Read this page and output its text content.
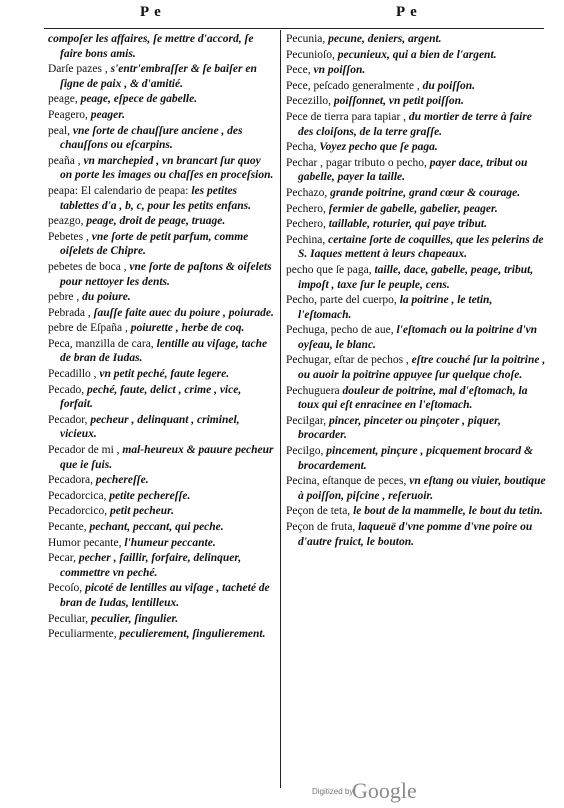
P e	P e
compoſer les affaires, ſe mettre d'accord, ſe faire bons amis.
Darſe pazes , s'entr'embraſſer & ſe baiſer en ſigne de paix , & d'amitié.
peage, peage, eſpece de gabelle.
Peagero, peager.
peal, vne ſorte de chauſſure anciene , des chauſſons ou eſcarpins.
peaña , vn marchepied , vn brancart ſur quoy on porte les images ou chaſſes en proceſsion.
peapa: El calendario de peapa: les petites tablettes d'a , b, c, pour les petits enfans.
peazgo, peage, droit de peage, truage.
Pebetes , vne ſorte de petit parfum, comme oiſelets de Chipre.
pebetes de boca , vne ſorte de paſtons & oiſelets pour nettoyer les dents.
pebre , du poiure.
Pebrada , ſauſſe faite auec du poiure , poiurade.
pebre de Eſpaña , poiurette , herbe de coq.
Peca, manzilla de cara, lentille au viſage, tache de bran de Iudas.
Pecadillo , vn petit peché, faute legere.
Pecado, peché, faute, delict , crime , vice, forfait.
Pecador, pecheur , delinquant , criminel, vicieux.
Pecador de mi , mal-heureux & pauure pecheur que ie ſuis.
Pecadora, pechereſſe.
Pecadorcica, petite pechereſſe.
Pecadorcico, petit pecheur.
Pecante, pechant, peccant, qui peche.
Humor pecante, l'humeur peccante.
Pecar, pecher , faillir, forfaire, delinquer, commettre vn peché.
Pecoſo, picoté de lentilles au viſage , tacheté de bran de Iudas, lentilleux.
Peculiar, peculier, ſingulier.
Peculiarmente, peculierement, ſingulierement.
Pecunia, pecune, deniers, argent.
Pecunioſo, pecunieux, qui a bien de l'argent.
Pece, vn poiſſon.
Pece, peſcado generalmente , du poiſſon.
Pecezillo, poiſſonnet, vn petit poiſſon.
Pece de tierra para tapiar , du mortier de terre à faire des cloiſons, de la terre graſſe.
Pecha, Voyez pecho que ſe paga.
Pechar , pagar tributo o pecho, payer dace, tribut ou gabelle, payer la taille.
Pechazo, grande poitrine, grand cœur & courage.
Pechero, fermier de gabelle, gabelier, peager.
Pechero, taillable, roturier, qui paye tribut.
Pechina, certaine ſorte de coquilles, que les pelerins de S. Iaques mettent à leurs chapeaux.
pecho que ſe paga, taille, dace, gabelle, peage, tribut, impoſt , taxe ſur le peuple, cens.
Pecho, parte del cuerpo, la poitrine , le tetin, l'eſtomach.
Pechuga, pecho de aue, l'eſtomach ou la poitrine d'vn oyſeau, le blanc.
Pechugar, eſtar de pechos , eſtre couché ſur la poitrine , ou auoir la poitrine appuyee ſur quelque choſe.
Pechuguera douleur de poitrine, mal d'eſtomach, la toux qui eſt enracinee en l'eſtomach.
Pecilgar, pincer, pinceter ou pinçoter , piquer, brocarder.
Pecilgo, pincement, pinçure , picquement brocard & brocardement.
Pecina, eſtanque de peces, vn eſtang ou viuier, boutique à poiſſon, piſcine , reſeruoir.
Peçon de teta, le bout de la mammelle, le bout du tetin.
Peçon de fruta, laqueuë d'vne pomme d'vne poire ou d'autre fruict, le bouton.
Digitized by
Google
